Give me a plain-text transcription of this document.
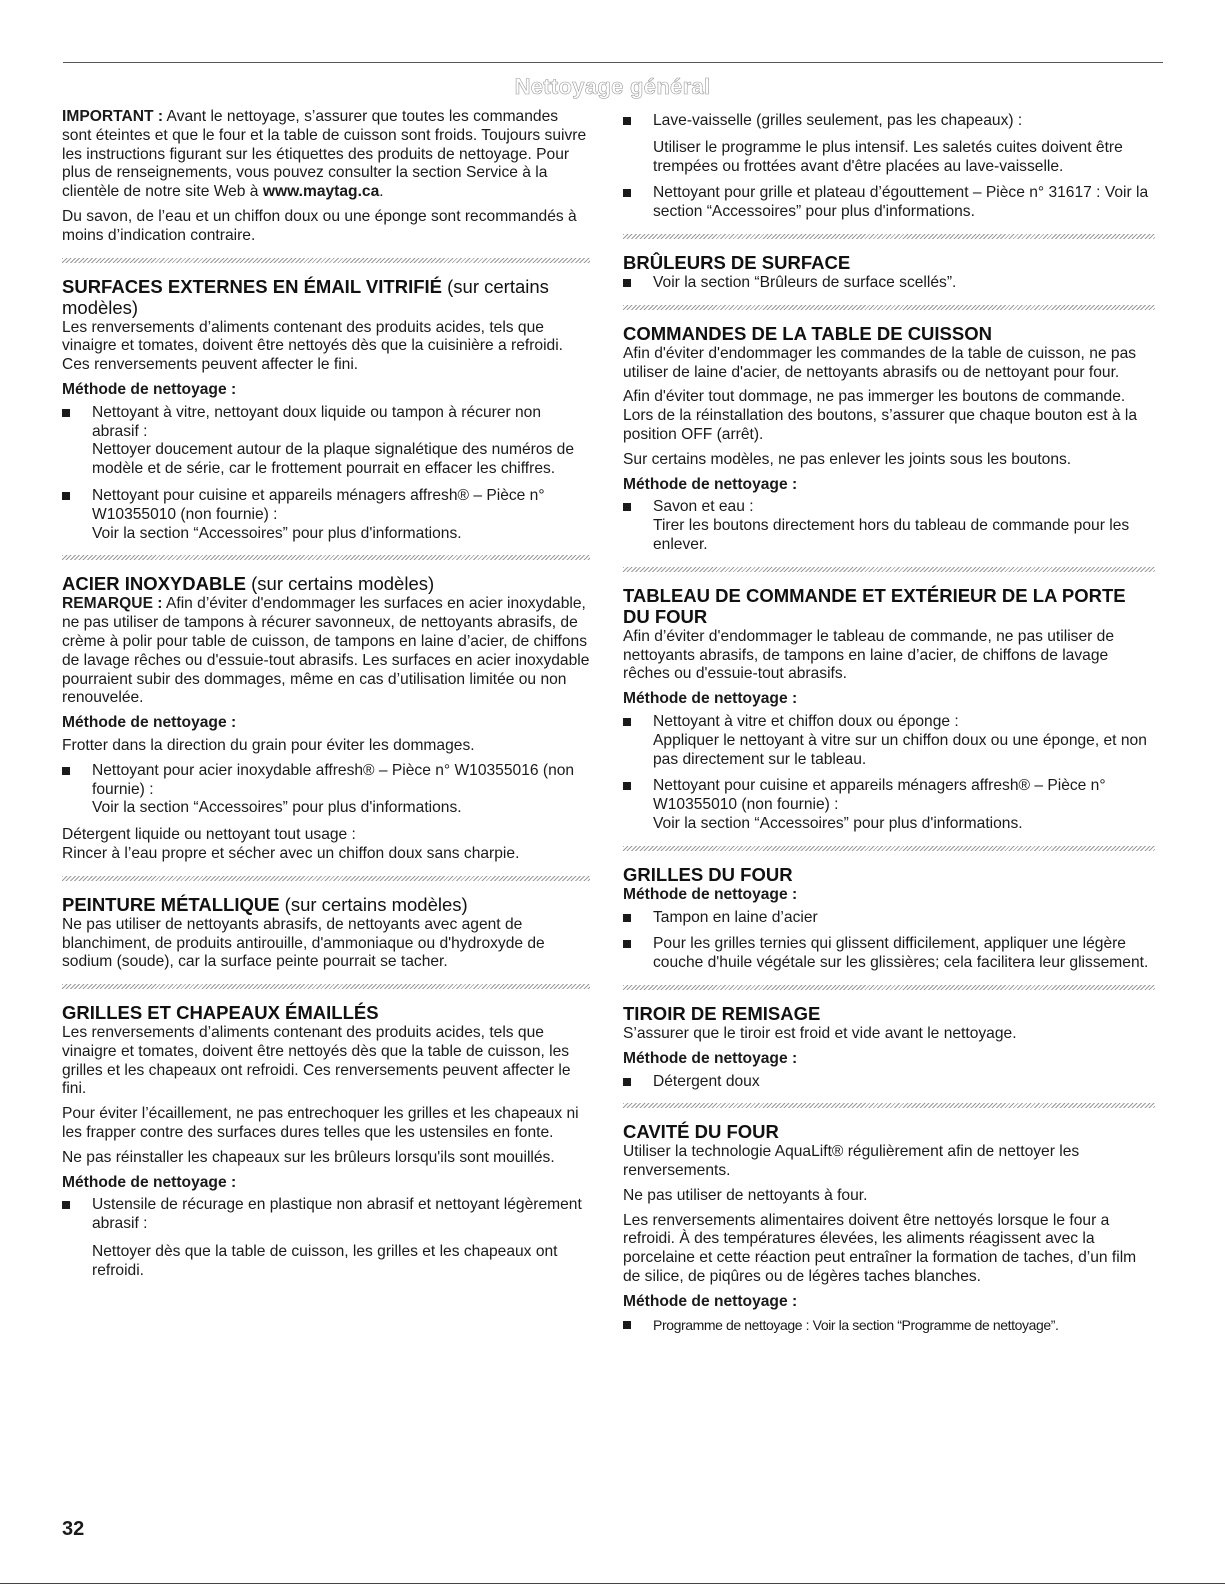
Nettoyage général

IMPORTANT : Avant le nettoyage, s’assurer que toutes les commandes sont éteintes et que le four et la table de cuisson sont froids. Toujours suivre les instructions figurant sur les étiquettes des produits de nettoyage. Pour plus de renseignements, vous pouvez consulter la section Service à la clientèle de notre site Web à www.maytag.ca.

Du savon, de l’eau et un chiffon doux ou une éponge sont recommandés à moins d’indication contraire.

SURFACES EXTERNES EN ÉMAIL VITRIFIÉ (sur certains modèles)

Les renversements d’aliments contenant des produits acides, tels que vinaigre et tomates, doivent être nettoyés dès que la cuisinière a refroidi. Ces renversements peuvent affecter le fini.

Méthode de nettoyage :
Nettoyant à vitre, nettoyant doux liquide ou tampon à récurer non abrasif :
Nettoyer doucement autour de la plaque signalétique des numéros de modèle et de série, car le frottement pourrait en effacer les chiffres.
Nettoyant pour cuisine et appareils ménagers affresh® – Pièce n° W10355010 (non fournie) :
Voir la section “Accessoires” pour plus d'informations.
ACIER INOXYDABLE (sur certains modèles)

REMARQUE : Afin d’éviter d'endommager les surfaces en acier inoxydable, ne pas utiliser de tampons à récurer savonneux, de nettoyants abrasifs, de crème à polir pour table de cuisson, de tampons en laine d’acier, de chiffons de lavage rêches ou d'essuie-tout abrasifs. Les surfaces en acier inoxydable pourraient subir des dommages, même en cas d’utilisation limitée ou non renouvelée.

Méthode de nettoyage :

Frotter dans la direction du grain pour éviter les dommages.

Nettoyant pour acier inoxydable affresh® – Pièce n° W10355016 (non fournie) :
Voir la section “Accessoires” pour plus d'informations.

Détergent liquide ou nettoyant tout usage :
Rincer à l’eau propre et sécher avec un chiffon doux sans charpie.

PEINTURE MÉTALLIQUE (sur certains modèles)

Ne pas utiliser de nettoyants abrasifs, de nettoyants avec agent de blanchiment, de produits antirouille, d'ammoniaque ou d'hydroxyde de sodium (soude), car la surface peinte pourrait se tacher.

GRILLES ET CHAPEAUX ÉMAILLÉS

Les renversements d’aliments contenant des produits acides, tels que vinaigre et tomates, doivent être nettoyés dès que la table de cuisson, les grilles et les chapeaux ont refroidi. Ces renversements peuvent affecter le fini.

Pour éviter l’écaillement, ne pas entrechoquer les grilles et les chapeaux ni les frapper contre des surfaces dures telles que les ustensiles en fonte.

Ne pas réinstaller les chapeaux sur les brûleurs lorsqu'ils sont mouillés.

Méthode de nettoyage :
Ustensile de récurage en plastique non abrasif et nettoyant légèrement abrasif :
Nettoyer dès que la table de cuisson, les grilles et les chapeaux ont refroidi.
Lave-vaisselle (grilles seulement, pas les chapeaux) :
Utiliser le programme le plus intensif. Les saletés cuites doivent être trempées ou frottées avant d'être placées au lave-vaisselle.
Nettoyant pour grille et plateau d’égouttement – Pièce n° 31617 : Voir la section “Accessoires” pour plus d'informations.
BRÛLEURS DE SURFACE
Voir la section “Brûleurs de surface scellés”.
COMMANDES DE LA TABLE DE CUISSON

Afin d'éviter d'endommager les commandes de la table de cuisson, ne pas utiliser de laine d'acier, de nettoyants abrasifs ou de nettoyant pour four.

Afin d'éviter tout dommage, ne pas immerger les boutons de commande. Lors de la réinstallation des boutons, s’assurer que chaque bouton est à la position OFF (arrêt).

Sur certains modèles, ne pas enlever les joints sous les boutons.

Méthode de nettoyage :
Savon et eau :
Tirer les boutons directement hors du tableau de commande pour les enlever.
TABLEAU DE COMMANDE ET EXTÉRIEUR DE LA PORTE DU FOUR

Afin d’éviter d'endommager le tableau de commande, ne pas utiliser de nettoyants abrasifs, de tampons en laine d’acier, de chiffons de lavage rêches ou d'essuie-tout abrasifs.

Méthode de nettoyage :
Nettoyant à vitre et chiffon doux ou éponge :
Appliquer le nettoyant à vitre sur un chiffon doux ou une éponge, et non pas directement sur le tableau.
Nettoyant pour cuisine et appareils ménagers affresh® – Pièce n° W10355010 (non fournie) :
Voir la section “Accessoires” pour plus d'informations.
GRILLES DU FOUR
Méthode de nettoyage :
Tampon en laine d’acier
Pour les grilles ternies qui glissent difficilement, appliquer une légère couche d'huile végétale sur les glissières; cela facilitera leur glissement.
TIROIR DE REMISAGE

S’assurer que le tiroir est froid et vide avant le nettoyage.

Méthode de nettoyage :
Détergent doux
CAVITÉ DU FOUR

Utiliser la technologie AquaLift® régulièrement afin de nettoyer les renversements.

Ne pas utiliser de nettoyants à four.

Les renversements alimentaires doivent être nettoyés lorsque le four a refroidi. À des températures élevées, les aliments réagissent avec la porcelaine et cette réaction peut entraîner la formation de taches, d’un film de silice, de piqûres ou de légères taches blanches.

Méthode de nettoyage :
Programme de nettoyage : Voir la section “Programme de nettoyage”.
32
